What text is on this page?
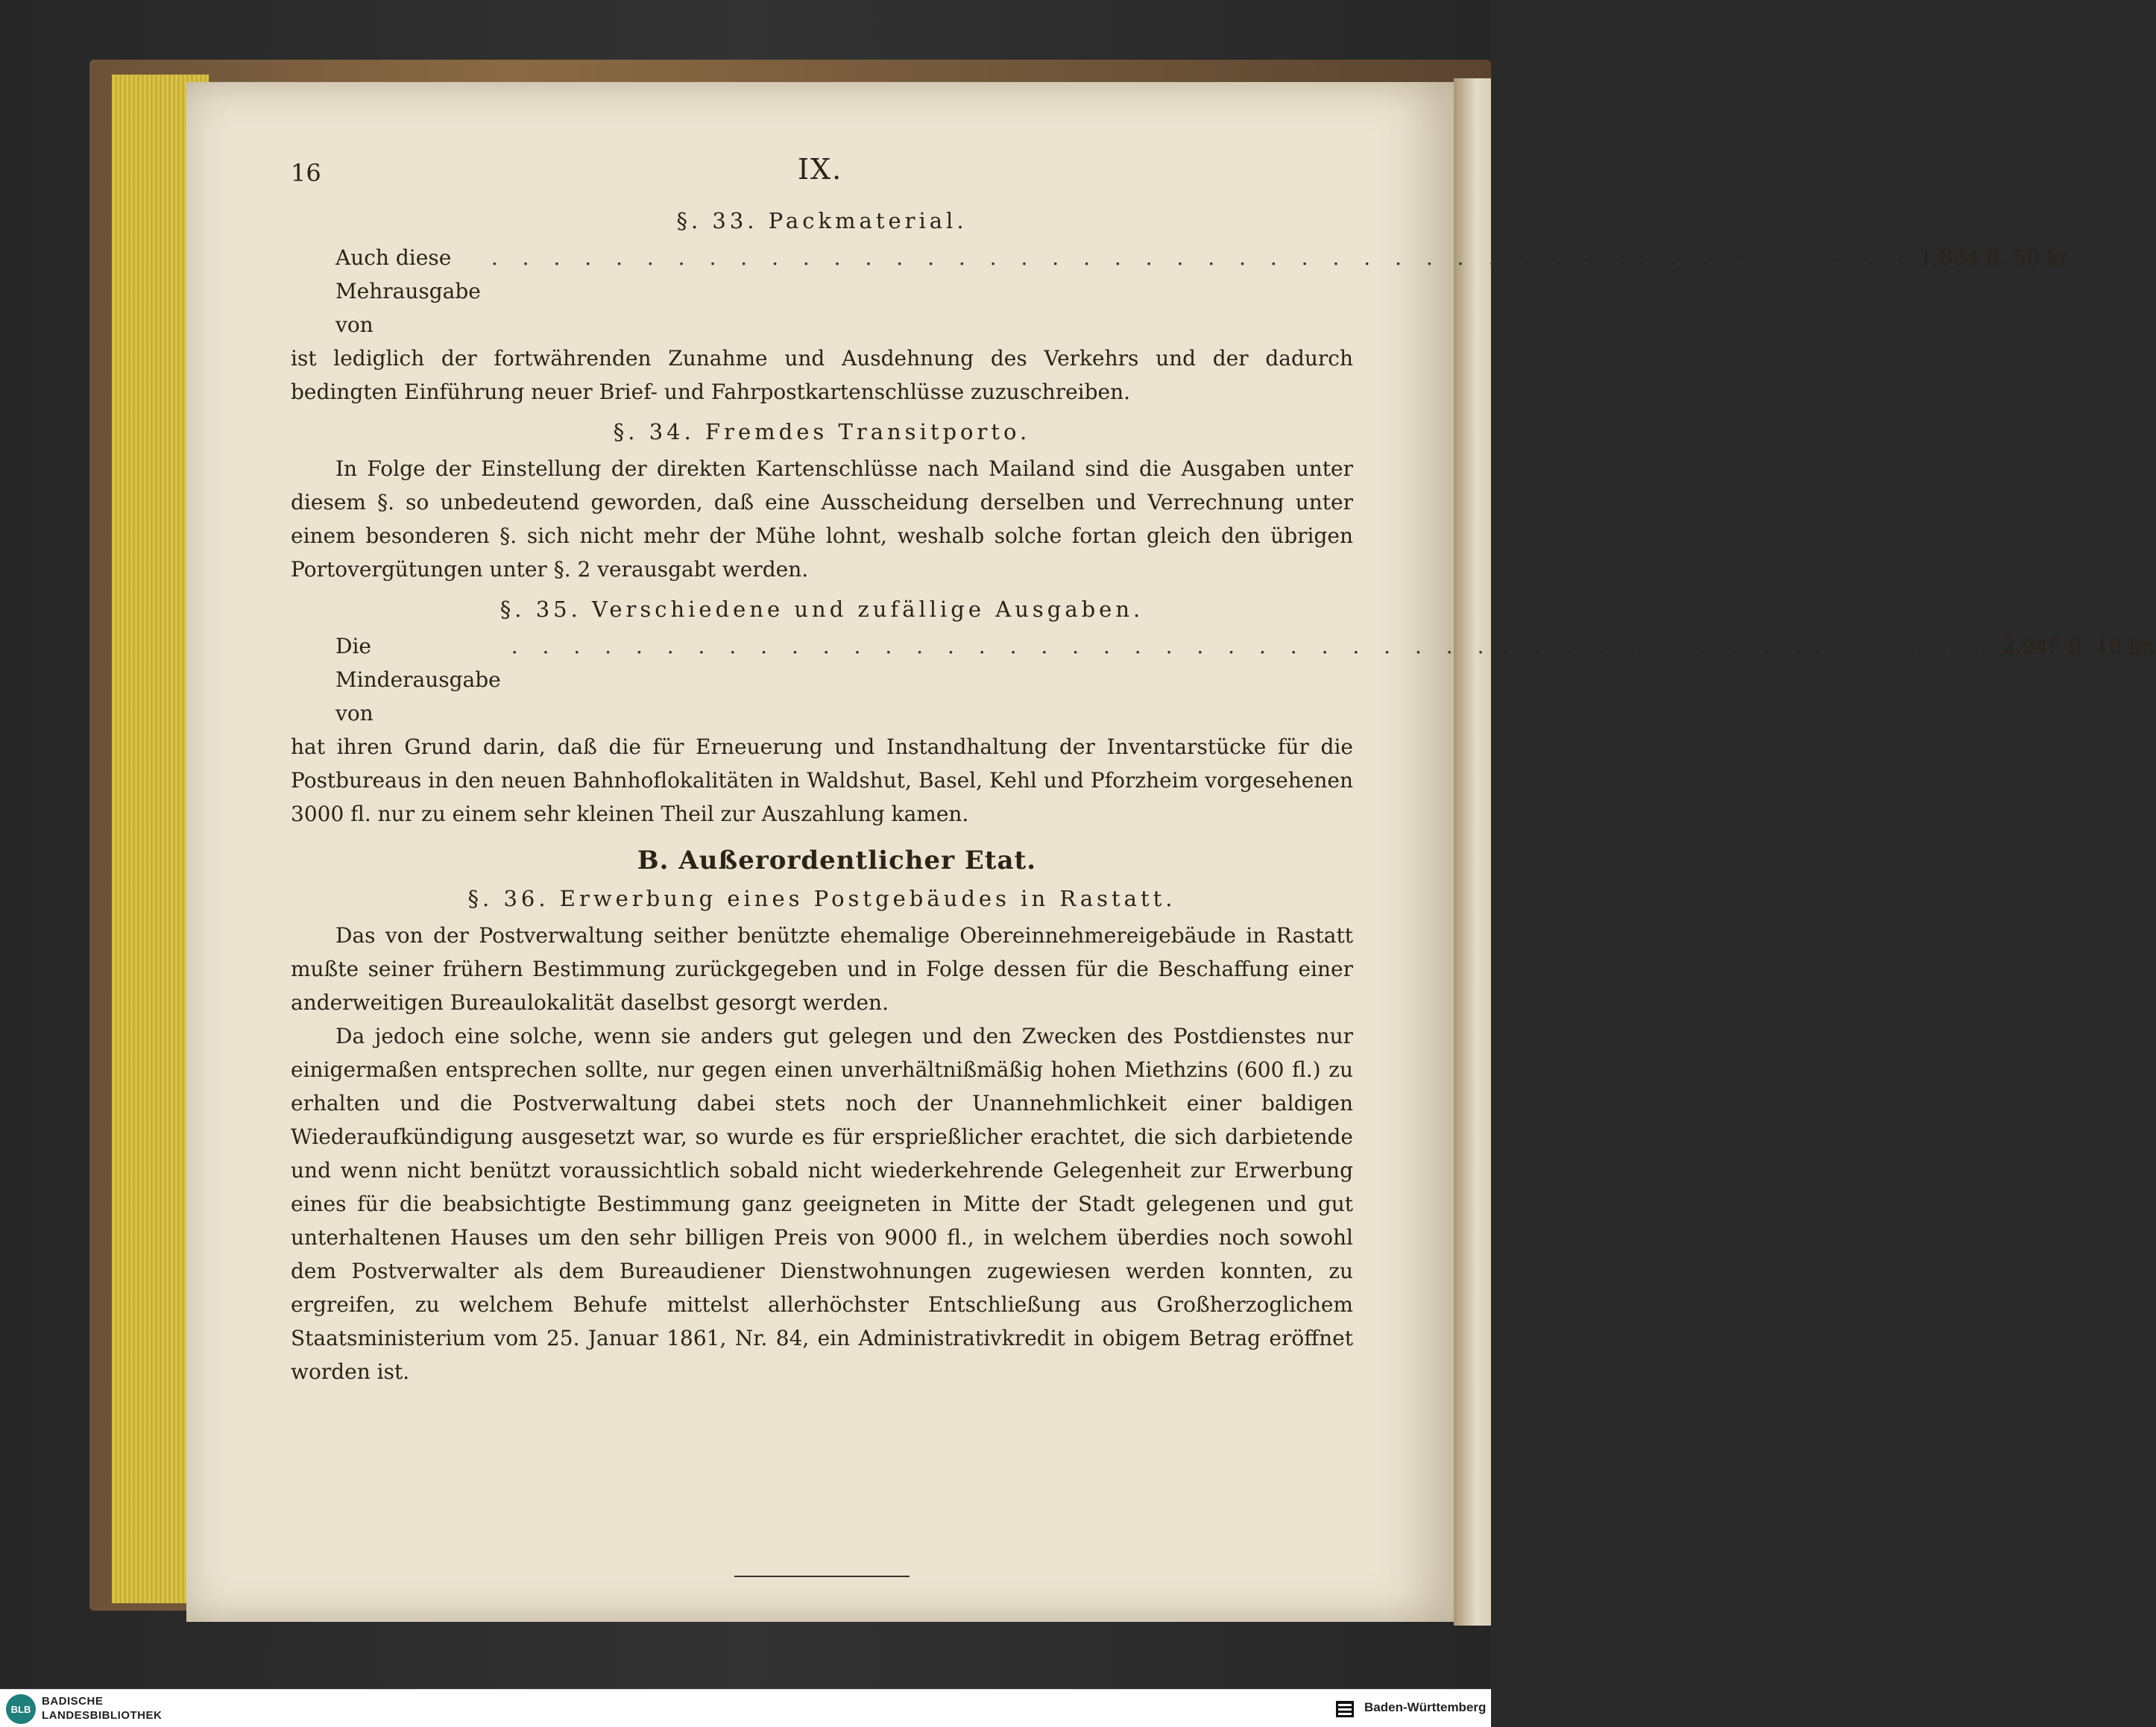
16	IX.
§. 33. Packmaterial.
Auch diese Mehrausgabe von
. . . . . . . . . . . . . . . . . . . . . . . . . . . . . . . . . . . . . . . . . . . . . . 1,834 fl. 50 kr.

ist lediglich der fortwährenden Zunahme und Ausdehnung des Verkehrs und der dadurch bedingten Einführung neuer Brief- und Fahrpostkartenschlüsse zuzuschreiben.

§. 34. Fremdes Transitporto.

In Folge der Einstellung der direkten Kartenschlüsse nach Mailand sind die Ausgaben unter diesem §. so unbedeutend geworden, daß eine Ausscheidung derselben und Verrechnung unter einem besonderen §. sich nicht mehr der Mühe lohnt, weshalb solche fortan gleich den übrigen Portovergütungen unter §. 2 verausgabt werden.

§. 35. Verschiedene und zufällige Ausgaben.
Die Minderausgabe von
. . . . . . . . . . . . . . . . . . . . . . . . . . . . . . . . . . . . . . . . . . . . . . . . 2,945 fl. 18 kr.

hat ihren Grund darin, daß die für Erneuerung und Instandhaltung der Inventarstücke für die Postbureaus in den neuen Bahnhoflokalitäten in Waldshut, Basel, Kehl und Pforzheim vorgesehenen 3000 fl. nur zu einem sehr kleinen Theil zur Auszahlung kamen.

B. Außerordentlicher Etat.
§. 36. Erwerbung eines Postgebäudes in Rastatt.

Das von der Postverwaltung seither benützte ehemalige Obereinnehmereigebäude in Rastatt mußte seiner frühern Bestimmung zurückgegeben und in Folge dessen für die Beschaffung einer anderweitigen Bureaulokalität daselbst gesorgt werden.

Da jedoch eine solche, wenn sie anders gut gelegen und den Zwecken des Postdienstes nur einigermaßen entsprechen sollte, nur gegen einen unverhältnißmäßig hohen Miethzins (600 fl.) zu erhalten und die Postverwaltung dabei stets noch der Unannehmlichkeit einer baldigen Wiederaufkündigung ausgesetzt war, so wurde es für ersprießlicher erachtet, die sich darbietende und wenn nicht benützt voraussichtlich sobald nicht wiederkehrende Gelegenheit zur Erwerbung eines für die beabsichtigte Bestimmung ganz geeigneten in Mitte der Stadt gelegenen und gut unterhaltenen Hauses um den sehr billigen Preis von 9000 fl., in welchem überdies noch sowohl dem Postverwalter als dem Bureaudiener Dienstwohnungen zugewiesen werden konnten, zu ergreifen, zu welchem Behufe mittelst allerhöchster Entschließung aus Großherzoglichem Staatsministerium vom 25. Januar 1861, Nr. 84, ein Administrativkredit in obigem Betrag eröffnet worden ist.

BLB
BADISCHE
LANDESBIBLIOTHEK
Baden-Württemberg
